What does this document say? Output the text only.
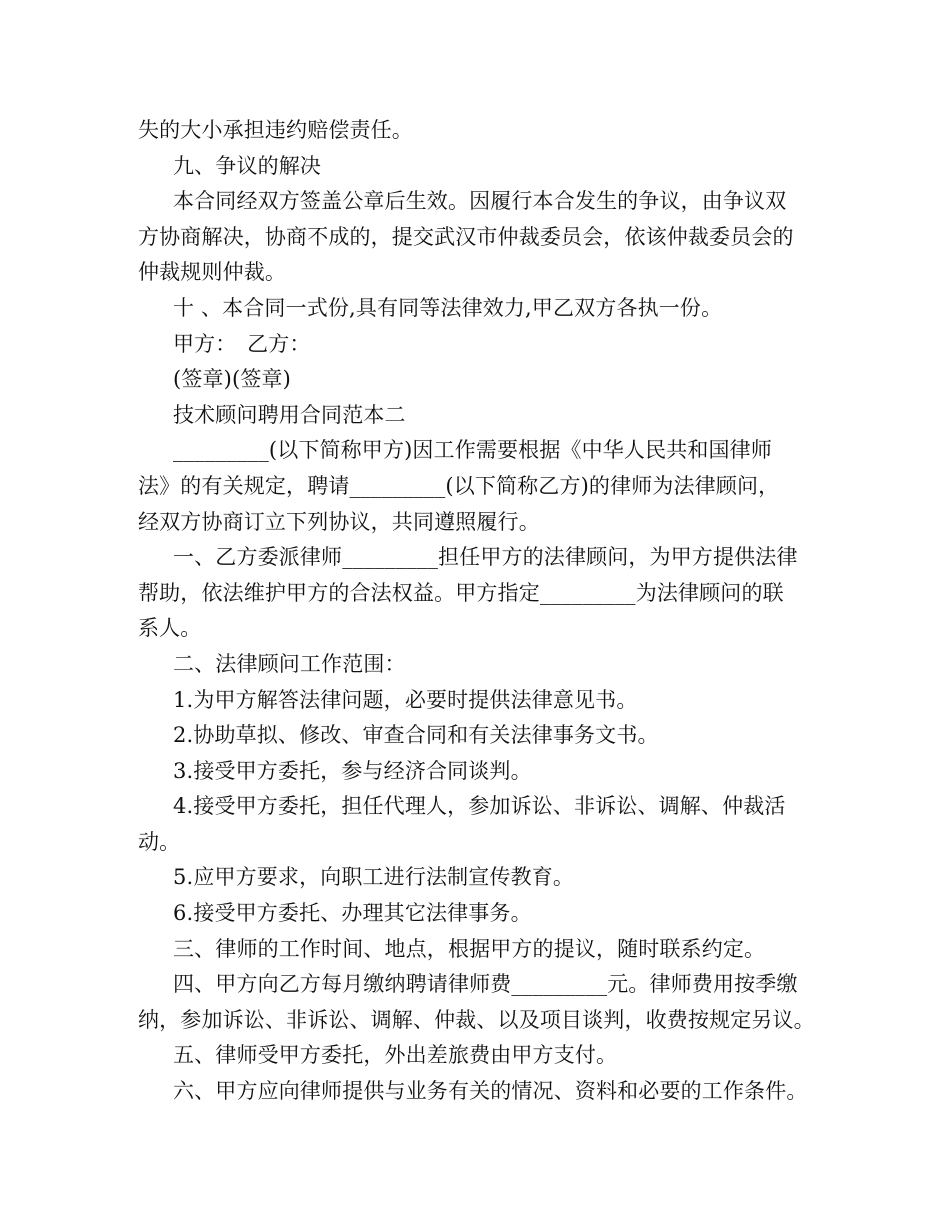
失的大小承担违约赔偿责任。
九、争议的解决
本合同经双方签盖公章后生效。因履行本合发生的争议，由争议双
方协商解决，协商不成的，提交武汉市仲裁委员会，依该仲裁委员会的
仲裁规则仲裁。
十 、本合同一式份,具有同等法律效力,甲乙双方各执一份。
甲方：　乙方：
(签章)(签章)
技术顾问聘用合同范本二
_________(以下简称甲方)因工作需要根据《中华人民共和国律师
法》的有关规定，聘请_________(以下简称乙方)的律师为法律顾问，
经双方协商订立下列协议，共同遵照履行。
一、乙方委派律师_________担任甲方的法律顾问，为甲方提供法律
帮助，依法维护甲方的合法权益。甲方指定_________为法律顾问的联
系人。
二、法律顾问工作范围：
1.为甲方解答法律问题，必要时提供法律意见书。
2.协助草拟、修改、审查合同和有关法律事务文书。
3.接受甲方委托，参与经济合同谈判。
4.接受甲方委托，担任代理人，参加诉讼、非诉讼、调解、仲裁活
动。
5.应甲方要求，向职工进行法制宣传教育。
6.接受甲方委托、办理其它法律事务。
三、律师的工作时间、地点，根据甲方的提议，随时联系约定。
四、甲方向乙方每月缴纳聘请律师费_________元。律师费用按季缴
纳，参加诉讼、非诉讼、调解、仲裁、以及项目谈判，收费按规定另议。
五、律师受甲方委托，外出差旅费由甲方支付。
六、甲方应向律师提供与业务有关的情况、资料和必要的工作条件。
